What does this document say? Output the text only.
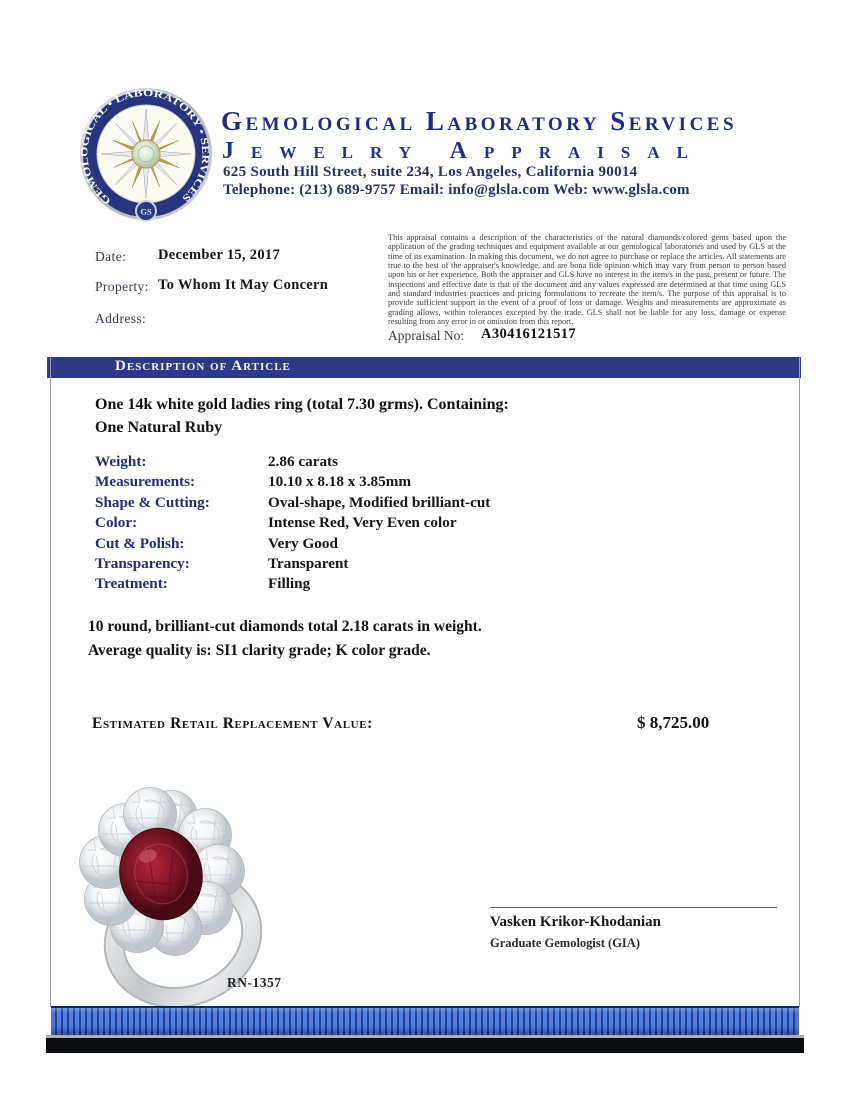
GEMOLOGICAL • LABORATORY • SERVICES
GS
Gemological Laboratory Services
Jewelry Appraisal
625 South Hill Street, suite 234, Los Angeles, California 90014
Telephone: (213) 689-9757 Email: info@glsla.com Web: www.glsla.com
Date: December 15, 2017
Property: To Whom It May Concern
Address:
This appraisal contains a description of the characteristics of the natural diamonds/colored gems based upon the application of the grading techniques and equipment available at our gemological laboratories and used by GLS at the time of its examination. In making this document, we do not agree to purchase or replace the articles. All statements are true to the best of the appraiser's knowledge, and are bona fide opinion which may vary from person to person based upon his or her experience. Both the appraiser and GLS have no interest in the item/s in the past, present or future. The inspections and effective date is that of the document and any values expressed are determined at that time using GLS and standard industries practices and pricing formulations to recreate the item/s. The purpose of this appraisal is to provide sufficient support in the event of a proof of loss or damage. Weights and measurements are approximate as grading allows, within tolerances excepted by the trade. GLS shall not be liable for any loss, damage or expense resulting from any error in or omission from this report.
Appraisal No: A30416121517
Description of Article
One 14k white gold ladies ring (total 7.30 grms). Containing:
One Natural Ruby
Weight:	2.86 carats
Measurements:	10.10 x 8.18 x 3.85mm
Shape & Cutting:	Oval-shape, Modified brilliant-cut
Color:	Intense Red, Very Even color
Cut & Polish:	Very Good
Transparency:	Transparent
Treatment:	Filling
10 round, brilliant-cut diamonds total 2.18 carats in weight.
Average quality is: SI1 clarity grade; K color grade.
Estimated Retail Replacement Value:	$ 8,725.00
RN-1357
Vasken Krikor-Khodanian
Graduate Gemologist (GIA)
